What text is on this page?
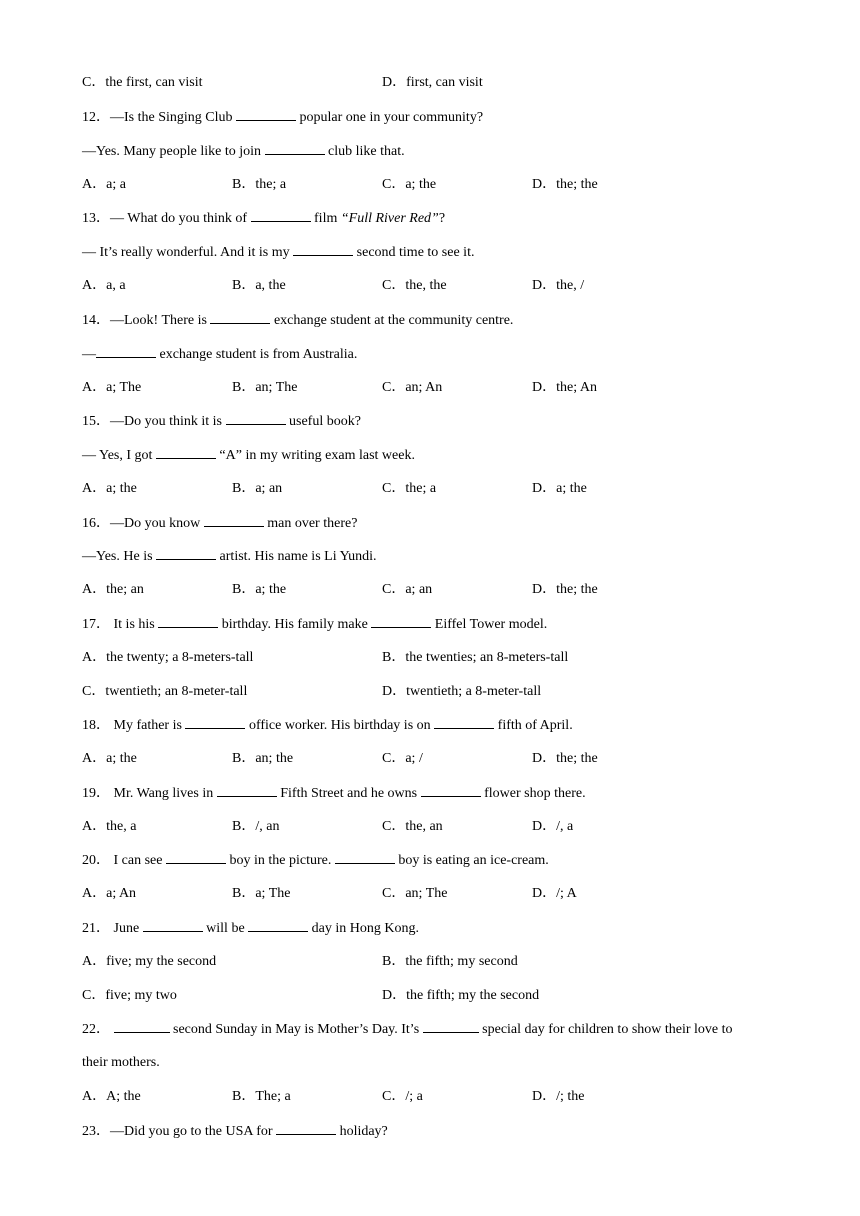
C．the first, can visit	D．first, can visit
12．—Is the Singing Club	popular one in your community?
—Yes. Many people like to join	club like that.
A．a; a	B．the; a	C．a; the	D．the; the
13．— What do you think of	film “Full River Red”?
— It’s really wonderful. And it is my	second time to see it.
A．a, a	B．a, the	C．the, the	D．the, /
14．—Look! There is	exchange student at the community centre.
—	exchange student is from Australia.
A．a; The	B．an; The	C．an; An	D．the; An
15．—Do you think it is	useful book?
— Yes, I got	“A” in my writing exam last week.
A．a; the	B．a; an	C．the; a	D．a; the
16．—Do you know	man over there?
—Yes. He is	artist. His name is Li Yundi.
A．the; an	B．a; the	C．a; an	D．the; the
17． It is his	birthday. His family make	Eiffel Tower model.
A．the twenty; a 8-meters-tall	B．the twenties; an 8-meters-tall
C．twentieth; an 8-meter-tall	D．twentieth; a 8-meter-tall
18． My father is	office worker. His birthday is on	fifth of April.
A．a; the	B．an; the	C．a; /	D．the; the
19． Mr. Wang lives in	Fifth Street and he owns	flower shop there.
A．the, a	B．/, an	C．the, an	D．/, a
20． I can see	boy in the picture.	boy is eating an ice-cream.
A．a; An	B．a; The	C．an; The	D．/; A
21． June	will be	day in Hong Kong.
A．five; my the second	B．the fifth; my second
C．five; my two	D．the fifth; my the second
22．	second Sunday in May is Mother’s Day. It’s	special day for children to show their love to
their mothers.
A．A; the	B．The; a	C．/; a	D．/; the
23．—Did you go to the USA for	holiday?
